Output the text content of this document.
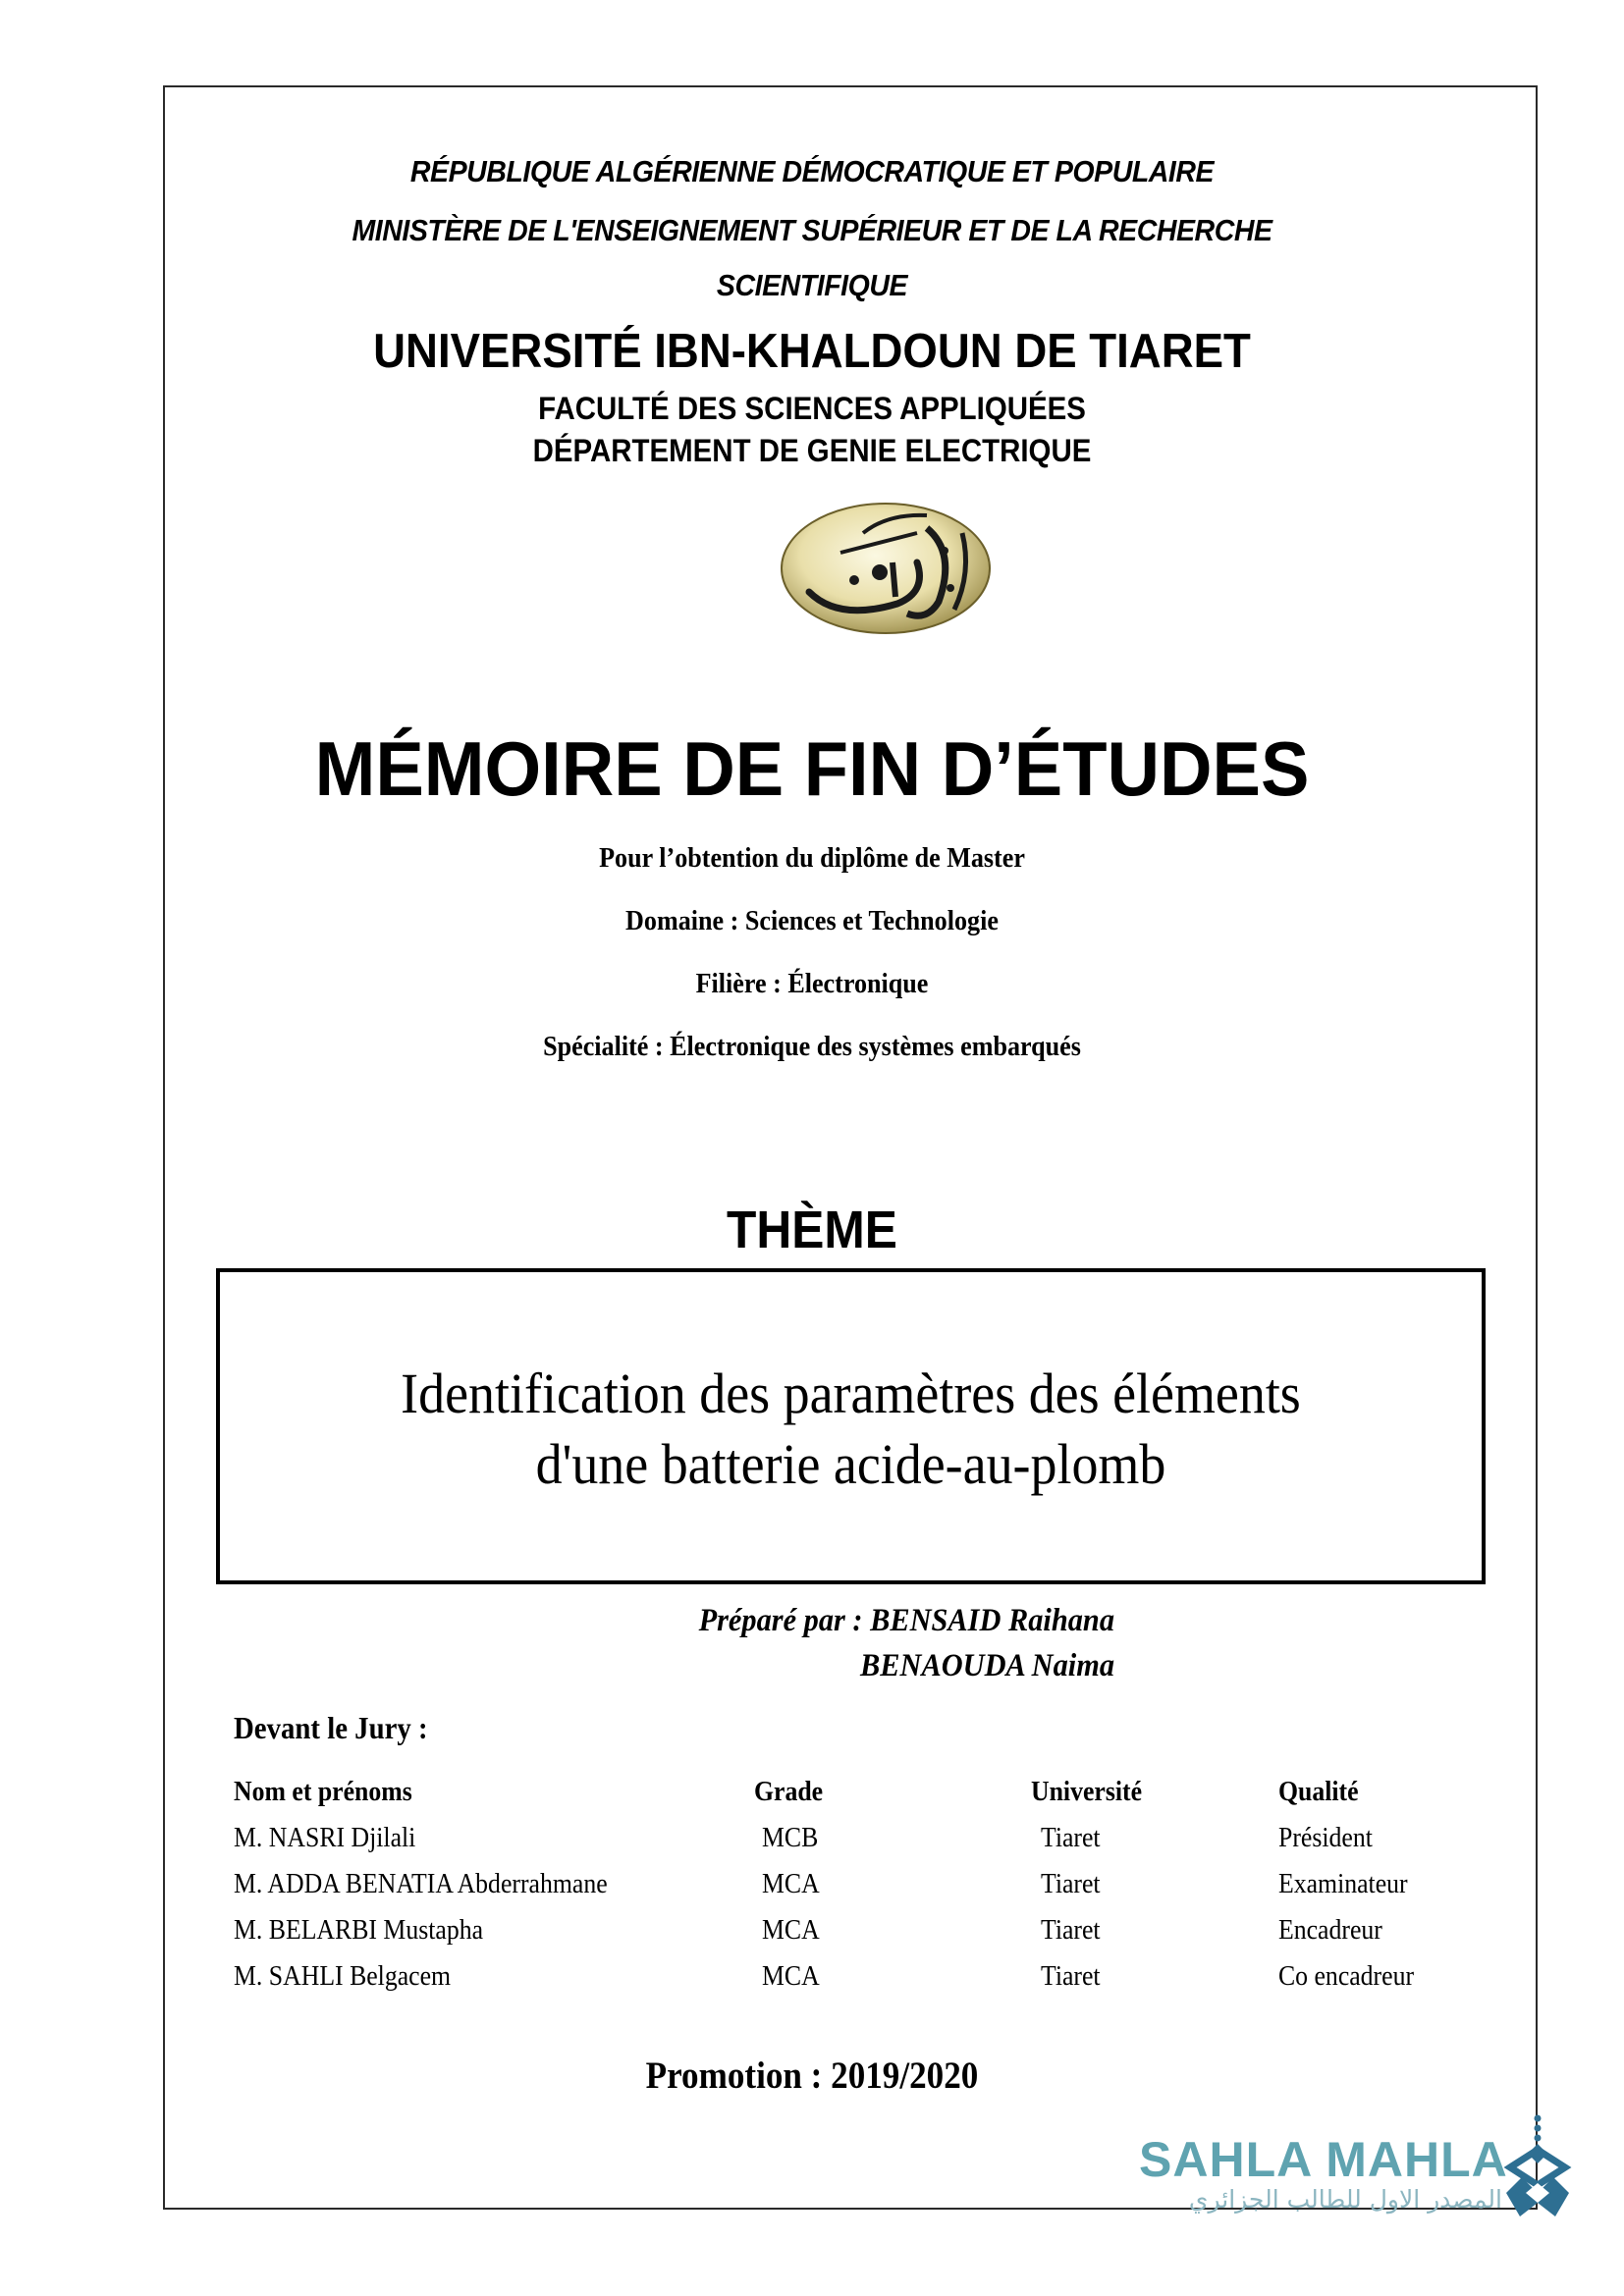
RÉPUBLIQUE ALGÉRIENNE DÉMOCRATIQUE ET POPULAIRE
MINISTÈRE DE L'ENSEIGNEMENT SUPÉRIEUR ET DE LA RECHERCHE
SCIENTIFIQUE
UNIVERSITÉ IBN-KHALDOUN DE TIARET
FACULTÉ DES SCIENCES APPLIQUÉES
DÉPARTEMENT DE GENIE ELECTRIQUE
MÉMOIRE DE FIN D’ÉTUDES
Pour l’obtention du diplôme de Master
Domaine : Sciences et Technologie
Filière : Électronique
Spécialité : Électronique des systèmes embarqués
THÈME
Identification des paramètres des éléments
d'une batterie acide-au-plomb
Préparé par : BENSAID Raihana
BENAOUDA Naima
Devant le Jury :
Nom et prénoms	Grade	Université	Qualité
M. NASRI Djilali	MCB	Tiaret	Président
M. ADDA BENATIA Abderrahmane	MCA	Tiaret	Examinateur
M. BELARBI Mustapha	MCA	Tiaret	Encadreur
M. SAHLI Belgacem	MCA	Tiaret	Co encadreur
Promotion : 2019/2020
SAHLA MAHLA
المصدر الاول للطالب الجزائري
